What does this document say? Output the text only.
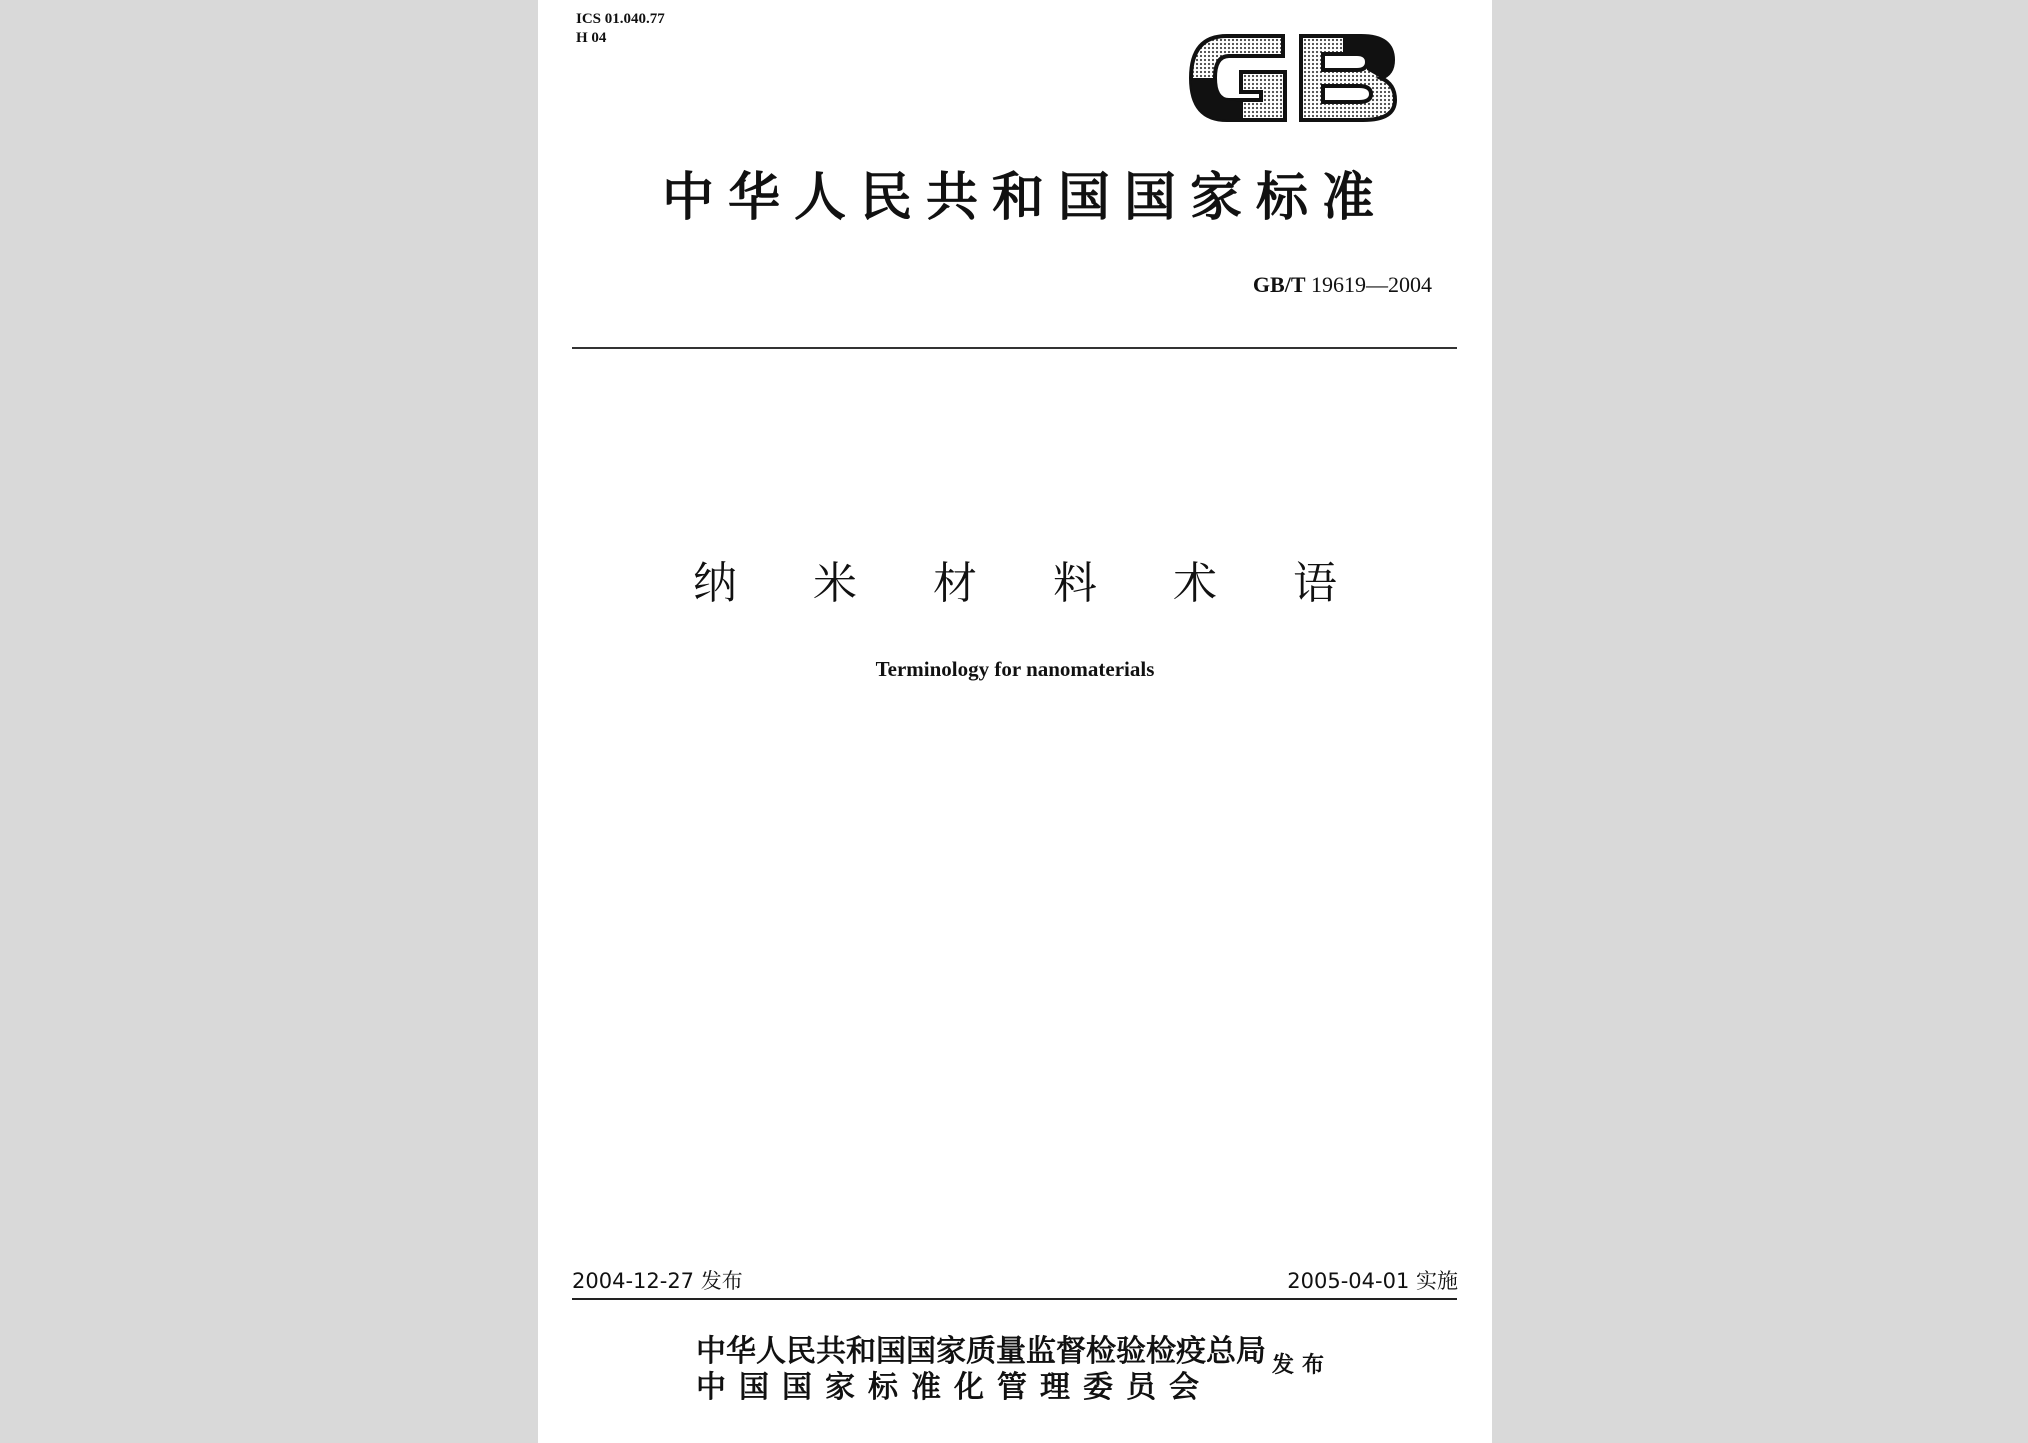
ICS 01.040.77
H 04
中华人民共和国国家标准
GB/T 19619—2004
纳米材料术语
Terminology for nanomaterials
2004-12-27 发布	2005-04-01 实施
中华人民共和国国家质量监督检验检疫总局
中国国家标准化管理委员会
发布
